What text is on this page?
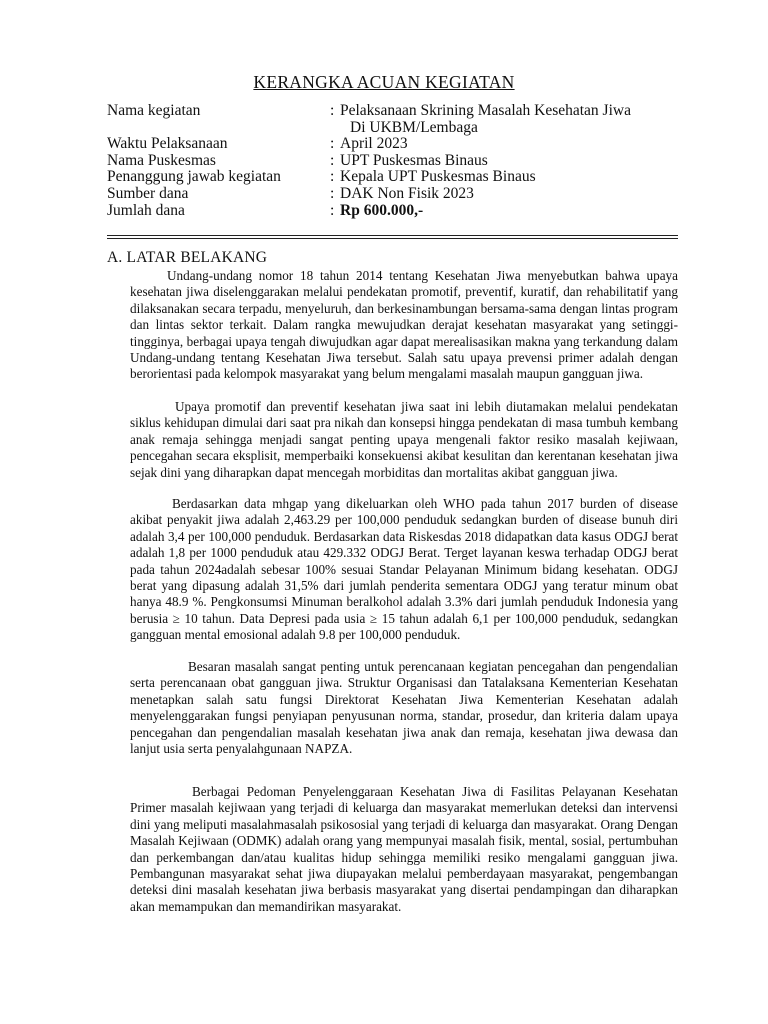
KERANGKA ACUAN KEGIATAN
Nama kegiatan	: Pelaksanaan Skrining Masalah Kesehatan Jiwa
Di UKBM/Lembaga
Waktu Pelaksanaan	: April 2023
Nama Puskesmas	: UPT Puskesmas Binaus
Penanggung jawab kegiatan	: Kepala UPT Puskesmas Binaus
Sumber dana	: DAK Non Fisik 2023
Jumlah dana	: Rp 600.000,-
A. LATAR BELAKANG

Undang-undang nomor 18 tahun 2014 tentang Kesehatan Jiwa menyebutkan bahwa upaya kesehatan jiwa diselenggarakan melalui pendekatan promotif, preventif, kuratif, dan rehabilitatif yang dilaksanakan secara terpadu, menyeluruh, dan berkesinambungan bersama-sama dengan lintas program dan lintas sektor terkait. Dalam rangka mewujudkan derajat kesehatan masyarakat yang setinggi-tingginya, berbagai upaya tengah diwujudkan agar dapat merealisasikan makna yang terkandung dalam Undang-undang tentang Kesehatan Jiwa tersebut. Salah satu upaya prevensi primer adalah dengan berorientasi pada kelompok masyarakat yang belum mengalami masalah maupun gangguan jiwa.

Upaya promotif dan preventif kesehatan jiwa saat ini lebih diutamakan melalui pendekatan siklus kehidupan dimulai dari saat pra nikah dan konsepsi hingga pendekatan di masa tumbuh kembang anak remaja sehingga menjadi sangat penting upaya mengenali faktor resiko masalah kejiwaan, pencegahan secara eksplisit, memperbaiki konsekuensi akibat kesulitan dan kerentanan kesehatan jiwa sejak dini yang diharapkan dapat mencegah morbiditas dan mortalitas akibat gangguan jiwa.

Berdasarkan data mhgap yang dikeluarkan oleh WHO pada tahun 2017 burden of disease akibat penyakit jiwa adalah 2,463.29 per 100,000 penduduk sedangkan burden of disease bunuh diri adalah 3,4 per 100,000 penduduk. Berdasarkan data Riskesdas 2018 didapatkan data kasus ODGJ berat adalah 1,8 per 1000 penduduk atau 429.332 ODGJ Berat. Terget layanan keswa terhadap ODGJ berat pada tahun 2024adalah sebesar 100% sesuai Standar Pelayanan Minimum bidang kesehatan. ODGJ berat yang dipasung adalah 31,5% dari jumlah penderita sementara ODGJ yang teratur minum obat hanya 48.9 %. Pengkonsumsi Minuman beralkohol adalah 3.3% dari jumlah penduduk Indonesia yang berusia ≥ 10 tahun. Data Depresi pada usia ≥ 15 tahun adalah 6,1 per 100,000 penduduk, sedangkan gangguan mental emosional adalah 9.8 per 100,000 penduduk.

Besaran masalah sangat penting untuk perencanaan kegiatan pencegahan dan pengendalian serta perencanaan obat gangguan jiwa. Struktur Organisasi dan Tatalaksana Kementerian Kesehatan menetapkan salah satu fungsi Direktorat Kesehatan Jiwa Kementerian Kesehatan adalah menyelenggarakan fungsi penyiapan penyusunan norma, standar, prosedur, dan kriteria dalam upaya pencegahan dan pengendalian masalah kesehatan jiwa anak dan remaja, kesehatan jiwa dewasa dan lanjut usia serta penyalahgunaan NAPZA.

Berbagai Pedoman Penyelenggaraan Kesehatan Jiwa di Fasilitas Pelayanan Kesehatan Primer masalah kejiwaan yang terjadi di keluarga dan masyarakat memerlukan deteksi dan intervensi dini yang meliputi masalahmasalah psikososial yang terjadi di keluarga dan masyarakat. Orang Dengan Masalah Kejiwaan (ODMK) adalah orang yang mempunyai masalah fisik, mental, sosial, pertumbuhan dan perkembangan dan/atau kualitas hidup sehingga memiliki resiko mengalami gangguan jiwa. Pembangunan masyarakat sehat jiwa diupayakan melalui pemberdayaan masyarakat, pengembangan deteksi dini masalah kesehatan jiwa berbasis masyarakat yang disertai pendampingan dan diharapkan akan memampukan dan memandirikan masyarakat.
